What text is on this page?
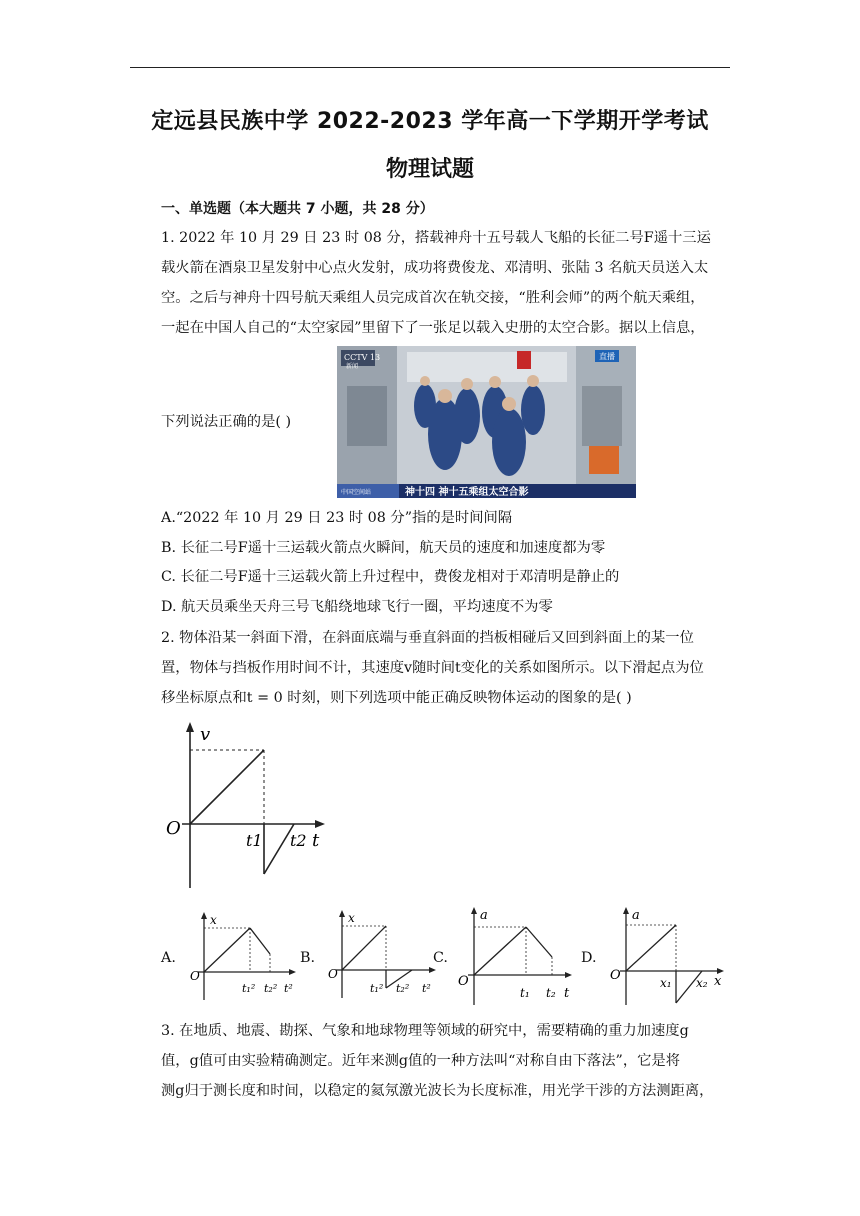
定远县民族中学 2022-2023 学年高一下学期开学考试
物理试题
一、单选题（本大题共 7 小题，共 28 分）
1. 2022 年 10 月 29 日 23 时 08 分，搭载神舟十五号载人飞船的长征二号F遥十三运
载火箭在酒泉卫星发射中心点火发射，成功将费俊龙、邓清明、张陆 3 名航天员送入太
空。之后与神舟十四号航天乘组人员完成首次在轨交接，“胜利会师”的两个航天乘组，
一起在中国人自己的“太空家园”里留下了一张足以载入史册的太空合影。据以上信息，
下列说法正确的是( )
CCTV 13
新闻
直播
中国空间站	神十四 神十五乘组太空合影
A.“2022 年 10 月 29 日 23 时 08 分”指的是时间间隔
B. 长征二号F遥十三运载火箭点火瞬间，航天员的速度和加速度都为零
C. 长征二号F遥十三运载火箭上升过程中，费俊龙相对于邓清明是静止的
D. 航天员乘坐天舟三号飞船绕地球飞行一圈，平均速度不为零
2. 物体沿某一斜面下滑，在斜面底端与垂直斜面的挡板相碰后又回到斜面上的某一位
置，物体与挡板作用时间不计，其速度v随时间t变化的关系如图所示。以下滑起点为位
移坐标原点和t = 0 时刻，则下列选项中能正确反映物体运动的图象的是( )
v
t
O
t1 t2
A.
x
O
t₁² t₂² t²
B.
x
O
t₁² t₂² t²
C.
a
O
t₁ t₂ t
D.
a
O	x₁ x₂ x
3. 在地质、地震、勘探、气象和地球物理等领域的研究中，需要精确的重力加速度g
值，g值可由实验精确测定。近年来测g值的一种方法叫“对称自由下落法”，它是将
测g归于测长度和时间，以稳定的氦氖激光波长为长度标准，用光学干涉的方法测距离，
